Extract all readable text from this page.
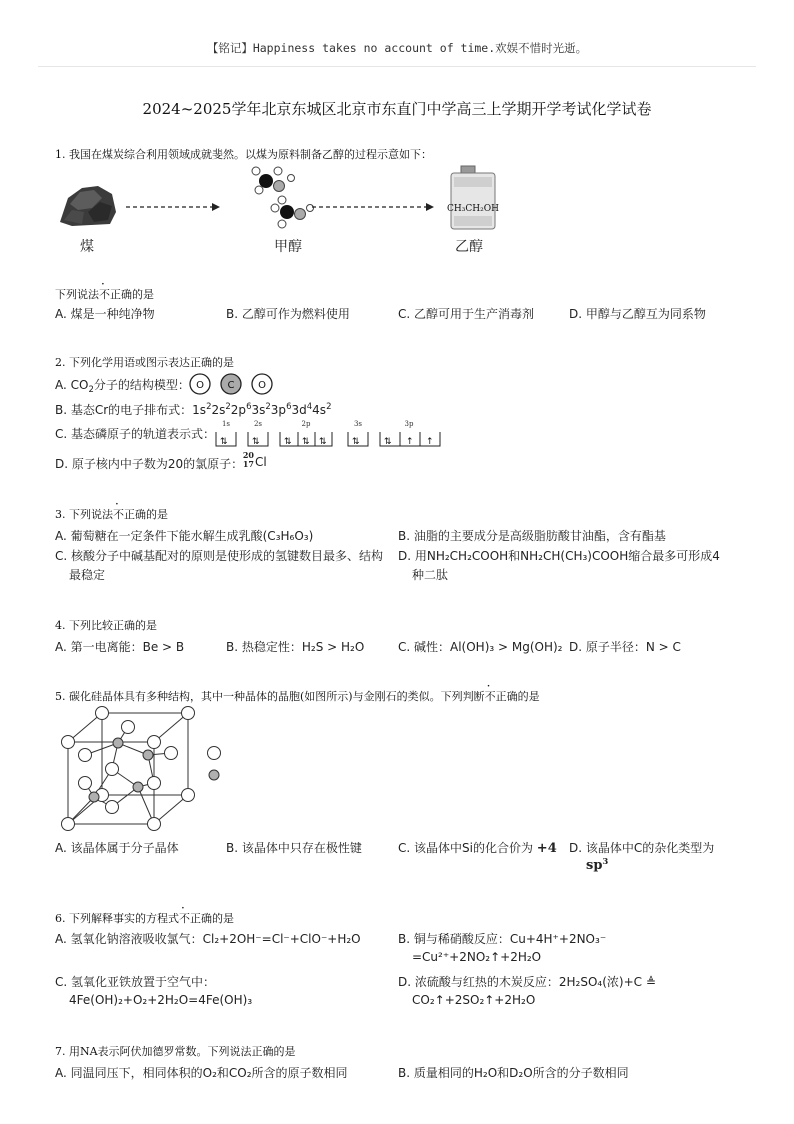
【铭记】Happiness takes no account of time.欢娱不惜时光逝。
2024~2025学年北京东城区北京市东直门中学高三上学期开学考试化学试卷
1. 我国在煤炭综合利用领域成就斐然。以煤为原料制备乙醇的过程示意如下：
CH₃CH₂OH
煤	甲醇	乙醇
下列说法不正确的是
A. 煤是一种纯净物	B. 乙醇可作为燃料使用	C. 乙醇可用于生产消毒剂	D. 甲醇与乙醇互为同系物
2. 下列化学用语或图示表达正确的是
A. $CO_2$分子的结构模型： O C O
B. 基态Cr的电子排布式：$1s^22s^22p^63s^23p^63d^44s^2$
C. 基态磷原子的轨道表示式：
1s	2s	2p	3s	3p
⇅	⇅	⇅ ⇅ ⇅	⇅	⇅ ↑ ↑
D. 原子核内中子数为20的氯原子：
20
17 Cl
3. 下列说法不正确的是
A. 葡萄糖在一定条件下能水解生成乳酸(C₃H₆O₃)	B. 油脂的主要成分是高级脂肪酸甘油酯，含有酯基
C. 核酸分子中碱基配对的原则是使形成的氢键数目最多、结构
最稳定
D. 用NH₂CH₂COOH和NH₂CH(CH₃)COOH缩合最多可形成4
种二肽
4. 下列比较正确的是
A. 第一电离能：Be > B	B. 热稳定性：H₂S > H₂O	C. 碱性：Al(OH)₃ > Mg(OH)₂ D. 原子半径：N > C
5. 碳化硅晶体具有多种结构，其中一种晶体的晶胞(如图所示)与金刚石的类似。下列判断不正确的是
A. 该晶体属于分子晶体	B. 该晶体中只存在极性键	C. 该晶体中Si的化合价为 +4 D. 该晶体中C的杂化类型为
$sp^3$
6. 下列解释事实的方程式不正确的是
A. 氢氧化钠溶液吸收氯气：Cl₂+2OH⁻=Cl⁻+ClO⁻+H₂O	B. 铜与稀硝酸反应：Cu+4H⁺+2NO₃⁻
=Cu²⁺+2NO₂↑+2H₂O
C. 氢氧化亚铁放置于空气中：
4Fe(OH)₂+O₂+2H₂O=4Fe(OH)₃
D. 浓硫酸与红热的木炭反应：2H₂SO₄(浓)+C ≜
CO₂↑+2SO₂↑+2H₂O
7. 用NA表示阿伏加德罗常数。下列说法正确的是
A. 同温同压下，相同体积的O₂和CO₂所含的原子数相同	B. 质量相同的H₂O和D₂O所含的分子数相同
